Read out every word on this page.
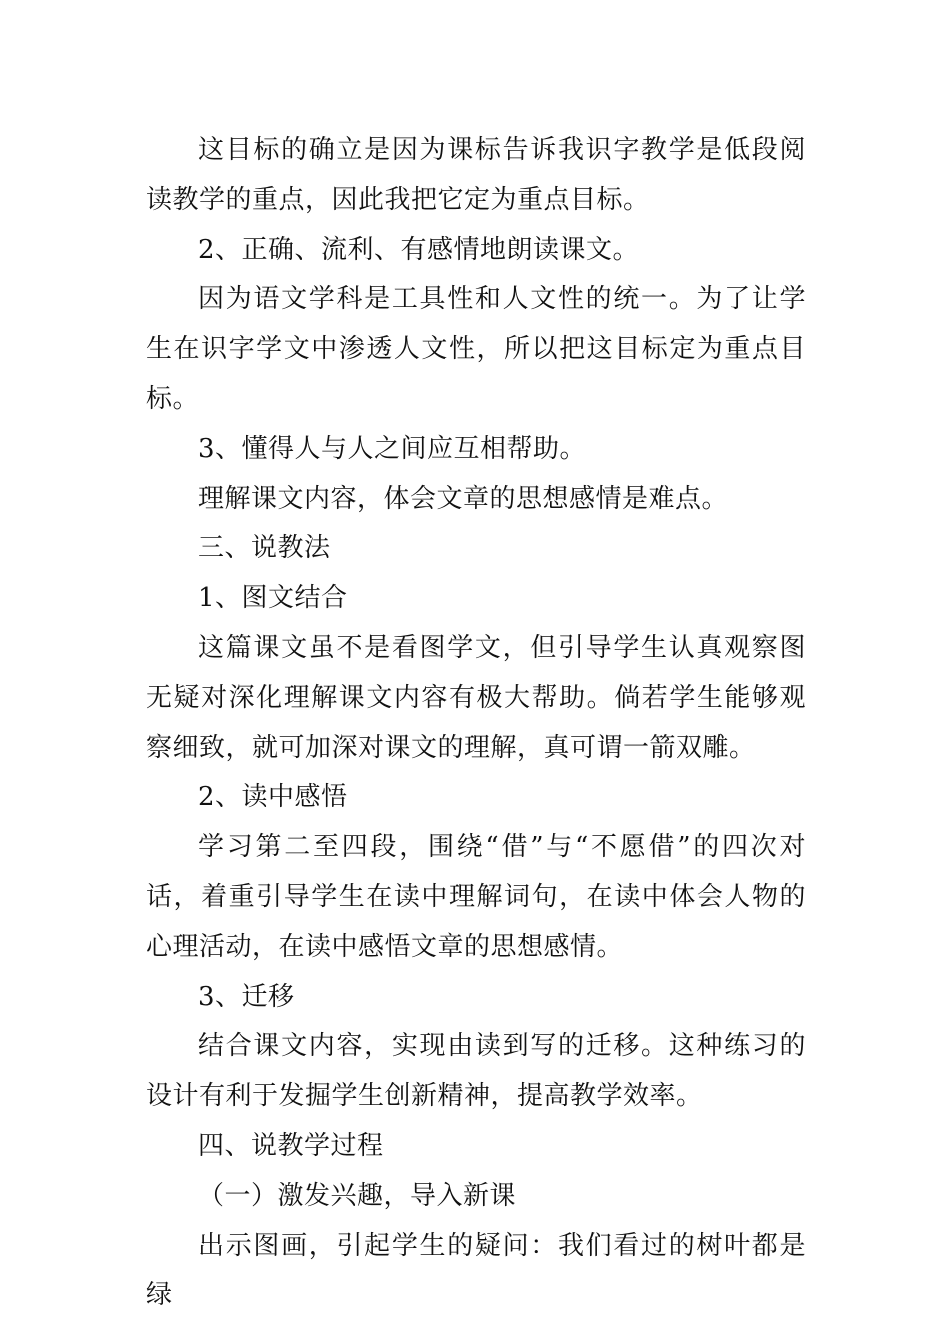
这目标的确立是因为课标告诉我识字教学是低段阅读教学的重点，因此我把它定为重点目标。

2、正确、流利、有感情地朗读课文。

因为语文学科是工具性和人文性的统一。为了让学生在识字学文中渗透人文性，所以把这目标定为重点目标。

3、懂得人与人之间应互相帮助。

理解课文内容，体会文章的思想感情是难点。

三、说教法

1、图文结合

这篇课文虽不是看图学文，但引导学生认真观察图无疑对深化理解课文内容有极大帮助。倘若学生能够观察细致，就可加深对课文的理解，真可谓一箭双雕。

2、读中感悟

学习第二至四段，围绕“借”与“不愿借”的四次对话，着重引导学生在读中理解词句，在读中体会人物的心理活动，在读中感悟文章的思想感情。

3、迁移

结合课文内容，实现由读到写的迁移。这种练习的设计有利于发掘学生创新精神，提高教学效率。

四、说教学过程

（一）激发兴趣，导入新课

出示图画，引起学生的疑问：我们看过的树叶都是绿
